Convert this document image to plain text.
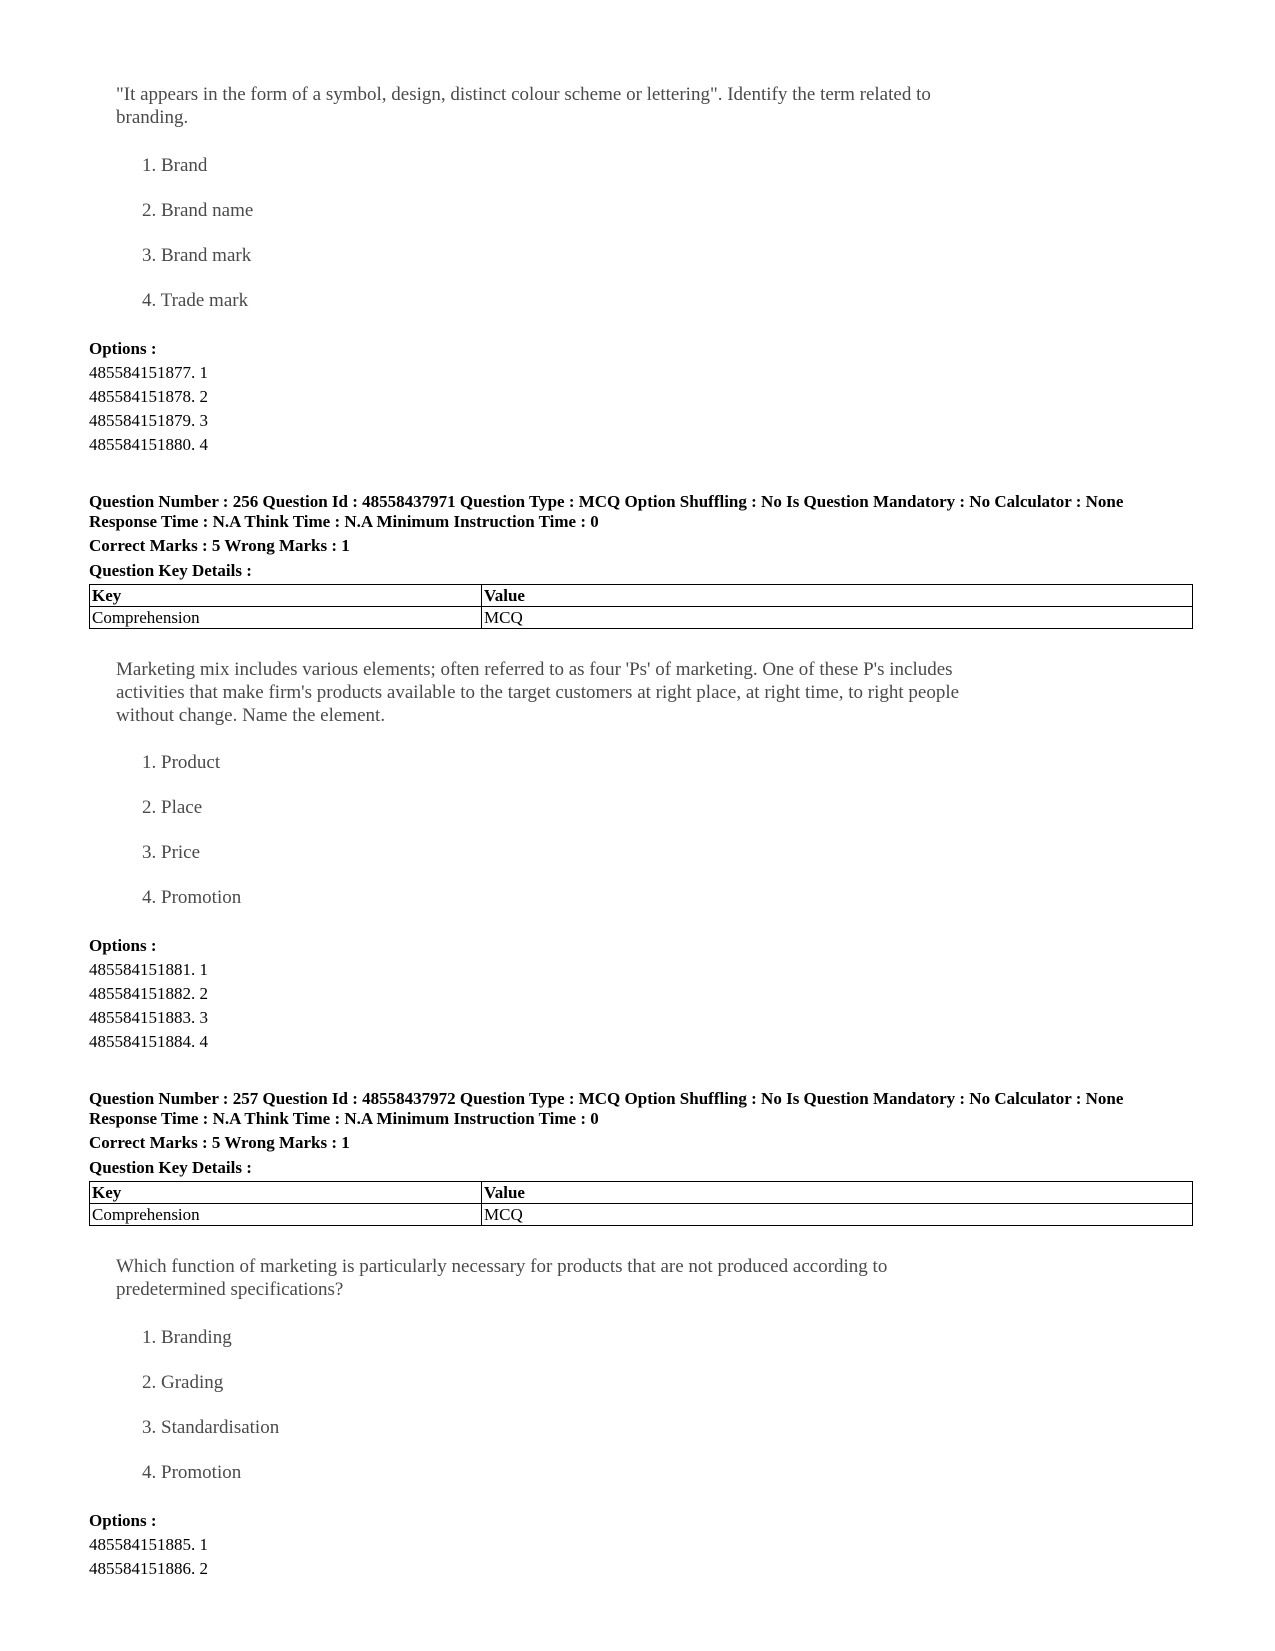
"It appears in the form of a symbol, design, distinct colour scheme or lettering". Identify the term related to
branding.
1. Brand
2. Brand name
3. Brand mark
4. Trade mark
Options :
485584151877. 1
485584151878. 2
485584151879. 3
485584151880. 4
Question Number : 256 Question Id : 48558437971 Question Type : MCQ Option Shuffling : No Is Question Mandatory : No Calculator : None
Response Time : N.A Think Time : N.A Minimum Instruction Time : 0
Correct Marks : 5 Wrong Marks : 1
Question Key Details :
Key	Value
Comprehension	MCQ
Marketing mix includes various elements; often referred to as four 'Ps' of marketing. One of these P's includes
activities that make firm's products available to the target customers at right place, at right time, to right people
without change. Name the element.
1. Product
2. Place
3. Price
4. Promotion
Options :
485584151881. 1
485584151882. 2
485584151883. 3
485584151884. 4
Question Number : 257 Question Id : 48558437972 Question Type : MCQ Option Shuffling : No Is Question Mandatory : No Calculator : None
Response Time : N.A Think Time : N.A Minimum Instruction Time : 0
Correct Marks : 5 Wrong Marks : 1
Question Key Details :
Key	Value
Comprehension	MCQ
Which function of marketing is particularly necessary for products that are not produced according to
predetermined specifications?
1. Branding
2. Grading
3. Standardisation
4. Promotion
Options :
485584151885. 1
485584151886. 2
